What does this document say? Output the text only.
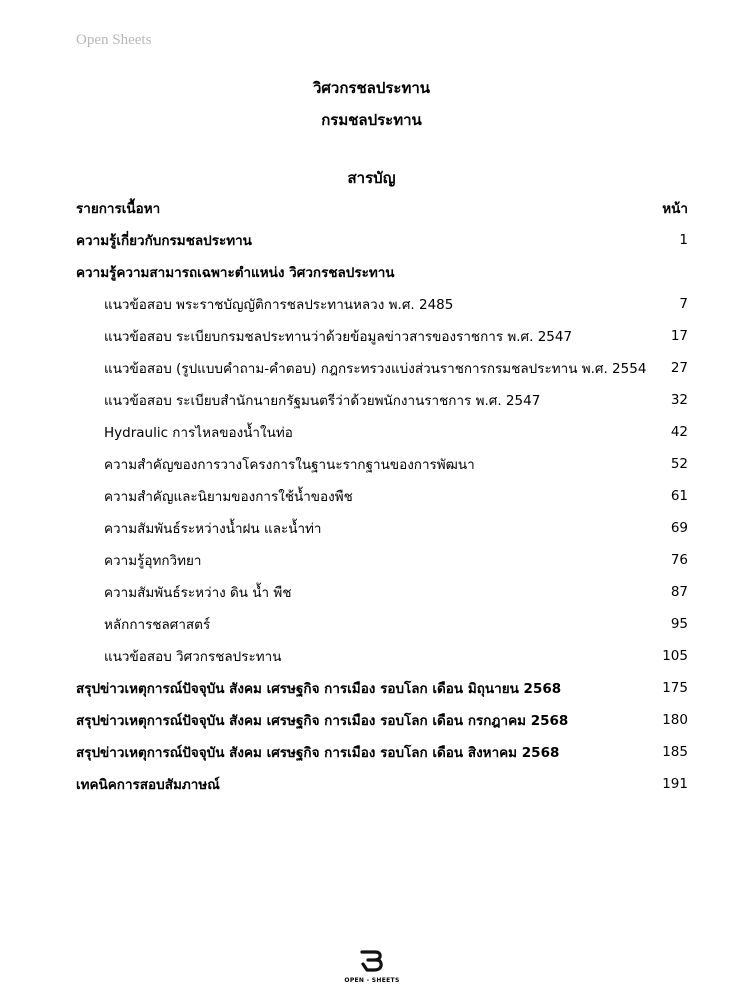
Open Sheets
วิศวกรชลประทาน
กรมชลประทาน
สารบัญ
รายการเนื้อหา	หน้า
ความรู้เกี่ยวกับกรมชลประทาน	1
ความรู้ความสามารถเฉพาะตำแหน่ง วิศวกรชลประทาน
แนวข้อสอบ พระราชบัญญัติการชลประทานหลวง พ.ศ. 2485	7
แนวข้อสอบ ระเบียบกรมชลประทานว่าด้วยข้อมูลข่าวสารของราชการ พ.ศ. 2547	17
แนวข้อสอบ (รูปแบบคำถาม-คำตอบ) กฎกระทรวงแบ่งส่วนราชการกรมชลประทาน พ.ศ. 2554	27
แนวข้อสอบ ระเบียบสำนักนายกรัฐมนตรีว่าด้วยพนักงานราชการ พ.ศ. 2547	32
Hydraulic การไหลของน้ำในท่อ	42
ความสำคัญของการวางโครงการในฐานะรากฐานของการพัฒนา	52
ความสำคัญและนิยามของการใช้น้ำของพืช	61
ความสัมพันธ์ระหว่างน้ำฝน และน้ำท่า	69
ความรู้อุทกวิทยา	76
ความสัมพันธ์ระหว่าง ดิน น้ำ พืช	87
หลักการชลศาสตร์	95
แนวข้อสอบ วิศวกรชลประทาน	105
สรุปข่าวเหตุการณ์ปัจจุบัน สังคม เศรษฐกิจ การเมือง รอบโลก เดือน มิถุนายน 2568	175
สรุปข่าวเหตุการณ์ปัจจุบัน สังคม เศรษฐกิจ การเมือง รอบโลก เดือน กรกฎาคม 2568	180
สรุปข่าวเหตุการณ์ปัจจุบัน สังคม เศรษฐกิจ การเมือง รอบโลก เดือน สิงหาคม 2568	185
เทคนิคการสอบสัมภาษณ์	191
OPEN - SHEETS
